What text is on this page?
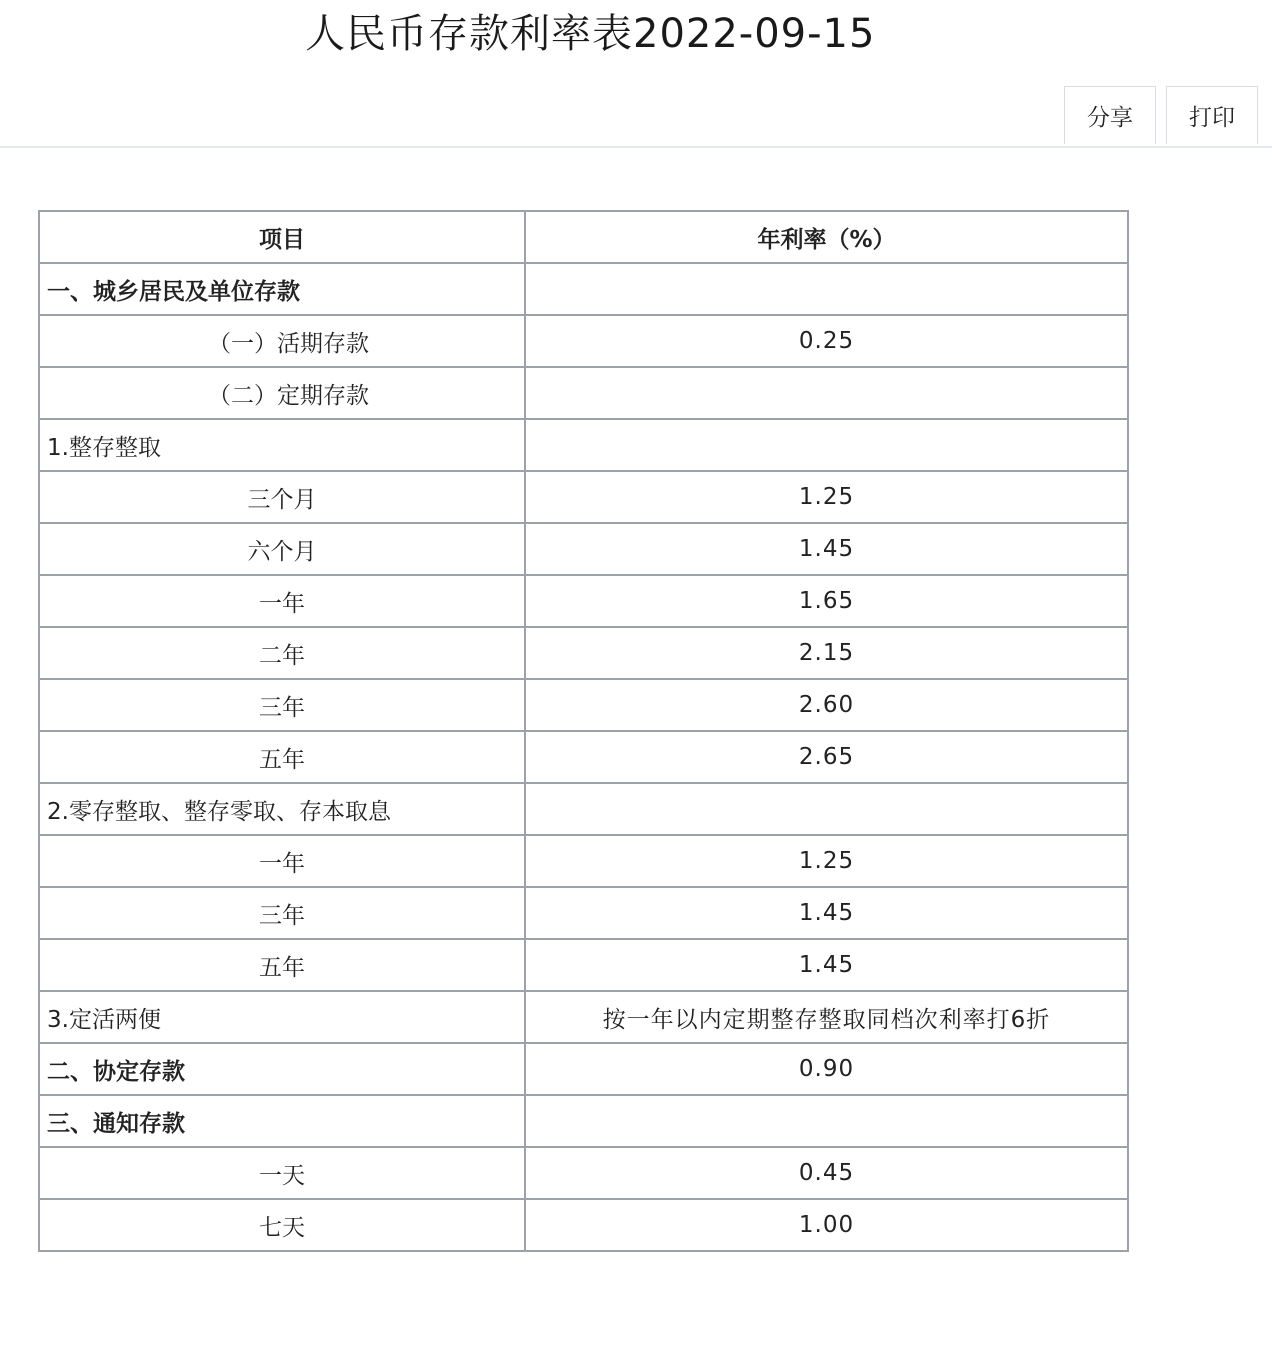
人民币存款利率表2022-09-15
分享	打印
项目	年利率（%）
一、城乡居民及单位存款	
（一）活期存款	0.25
（二）定期存款	
1.整存整取	
三个月	1.25
六个月	1.45
一年	1.65
二年	2.15
三年	2.60
五年	2.65
2.零存整取、整存零取、存本取息	
一年	1.25
三年	1.45
五年	1.45
3.定活两便	按一年以内定期整存整取同档次利率打6折
二、协定存款	0.90
三、通知存款	
一天	0.45
七天	1.00
